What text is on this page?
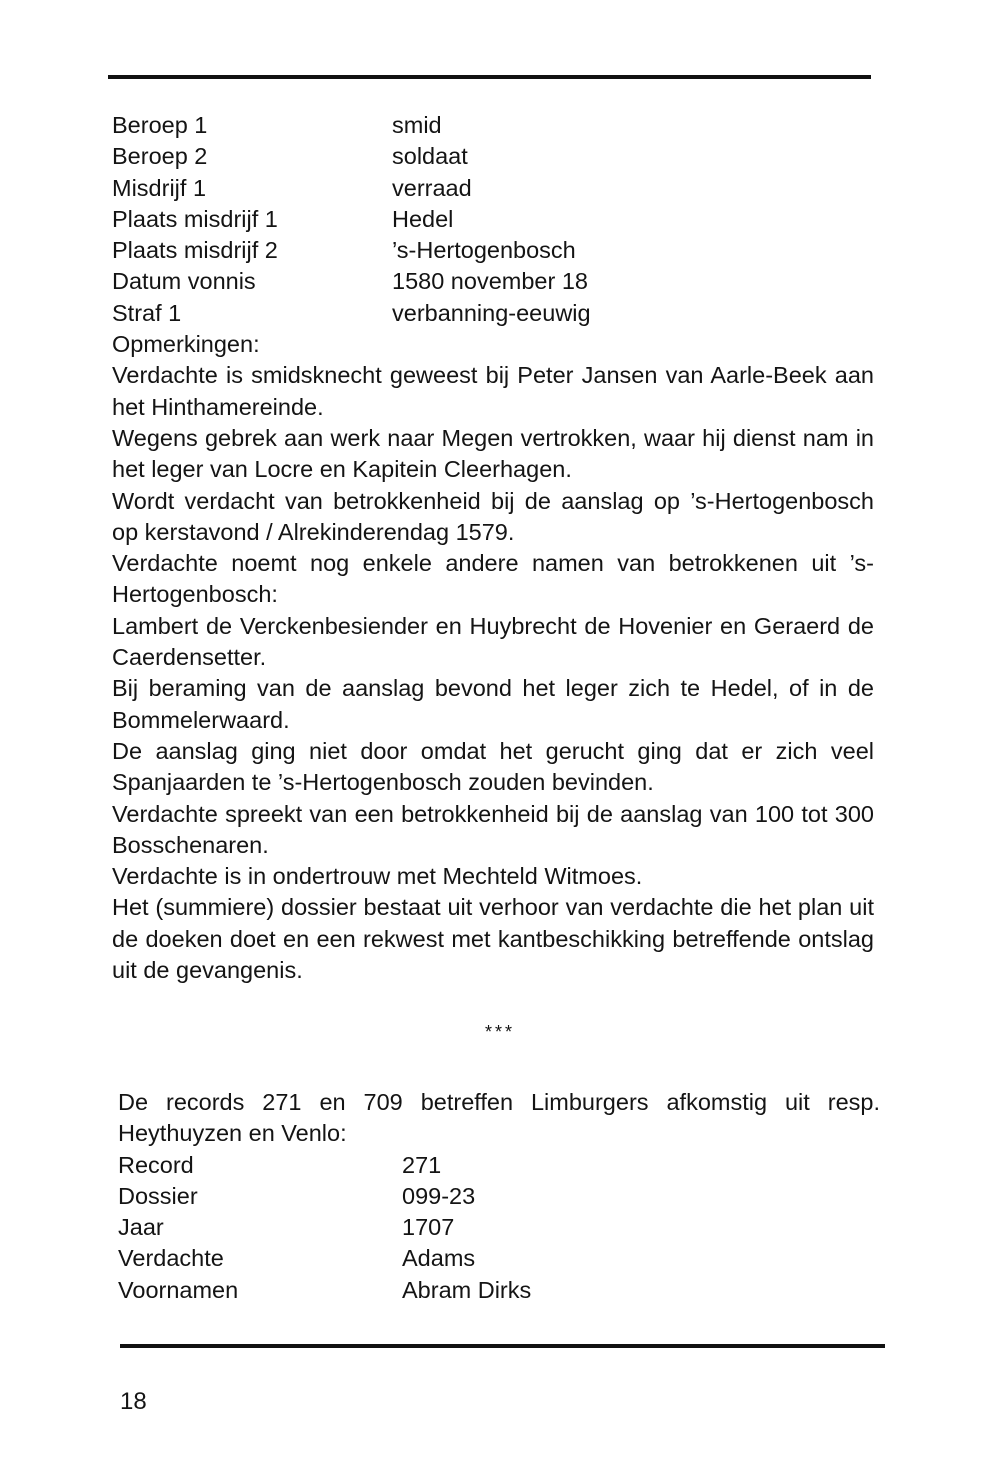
Beroep 1	smid
Beroep 2	soldaat
Misdrijf 1	verraad
Plaats misdrijf 1	Hedel
Plaats misdrijf 2	’s-Hertogenbosch
Datum vonnis	1580 november 18
Straf 1	verbanning-eeuwig

Opmerkingen:

Verdachte is smidsknecht geweest bij Peter Jansen van Aarle-Beek aan het Hinthamereinde.

Wegens gebrek aan werk naar Megen vertrokken, waar hij dienst nam in het leger van Locre en Kapitein Cleerhagen.

Wordt verdacht van betrokkenheid bij de aanslag op ’s-Hertogenbosch op kerstavond / Alrekinderendag 1579.

Verdachte noemt nog enkele andere namen van betrokkenen uit ’s-Hertogenbosch:

Lambert de Verckenbesiender en Huybrecht de Hovenier en Geraerd de Caerdensetter.

Bij beraming van de aanslag bevond het leger zich te Hedel, of in de Bommelerwaard.

De aanslag ging niet door omdat het gerucht ging dat er zich veel Spanjaarden te ’s-Hertogenbosch zouden bevinden.

Verdachte spreekt van een betrokkenheid bij de aanslag van 100 tot 300 Bosschenaren.

Verdachte is in ondertrouw met Mechteld Witmoes.

Het (summiere) dossier bestaat uit verhoor van verdachte die het plan uit de doeken doet en een rekwest met kantbeschikking betreffende ontslag uit de gevangenis.

***

De records 271 en 709 betreffen Limburgers afkomstig uit resp. Heythuyzen en Venlo:

Record	271
Dossier	099-23
Jaar	1707
Verdachte	Adams
Voornamen	Abram Dirks
18
